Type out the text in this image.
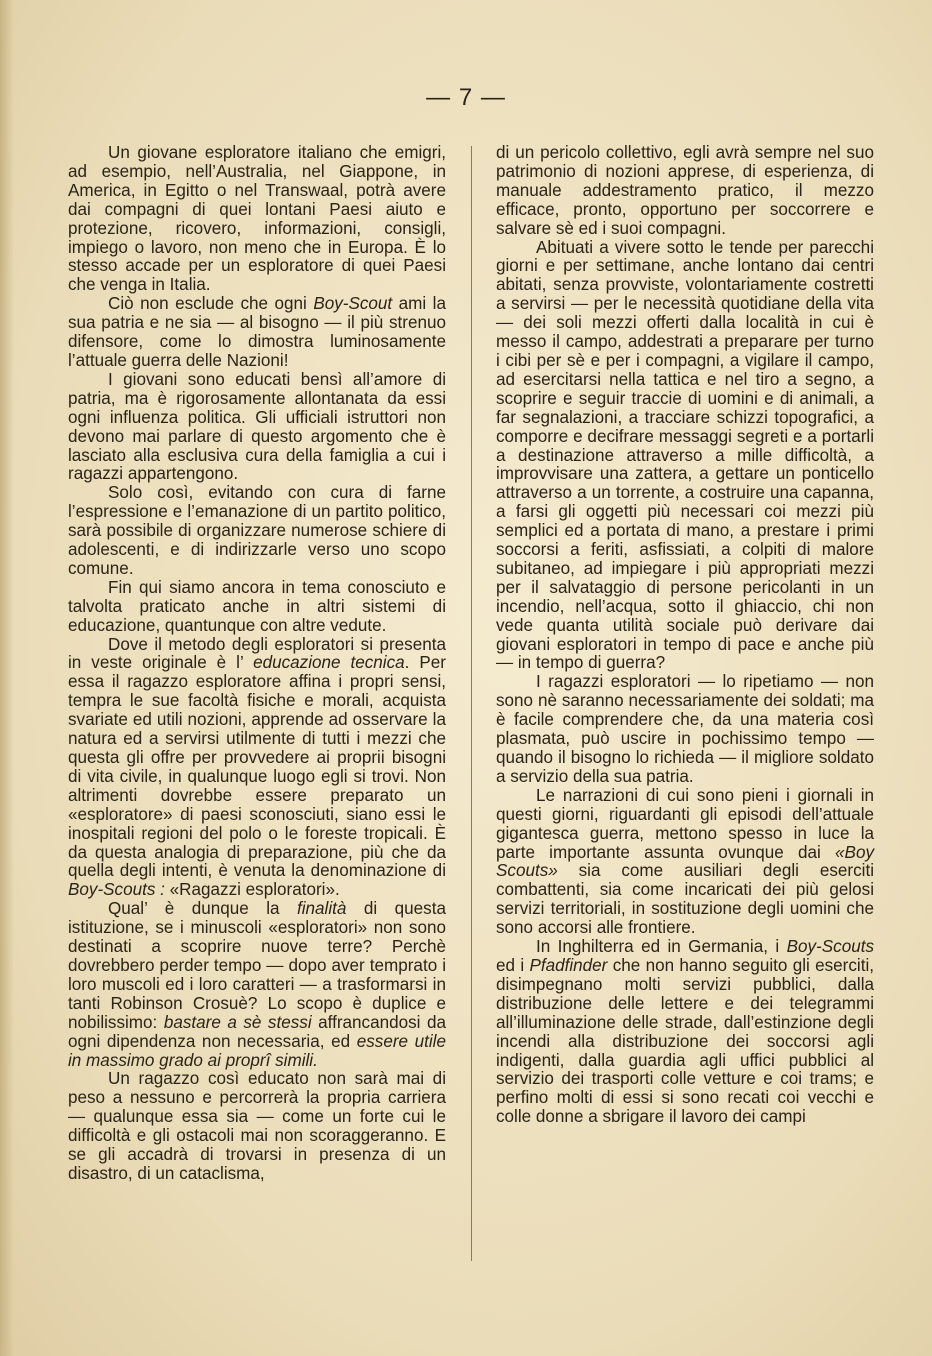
— 7 —

Un giovane esploratore italiano che emigri, ad esempio, nell’Australia, nel Giappone, in America, in Egitto o nel Transwaal, potrà avere dai compagni di quei lontani Paesi aiuto e protezione, ricovero, informazioni, consigli, impiego o lavoro, non meno che in Europa. È lo stesso accade per un esploratore di quei Paesi che venga in Italia.

Ciò non esclude che ogni Boy-Scout ami la sua patria e ne sia — al bisogno — il più strenuo difensore, come lo dimostra luminosamente l’attuale guerra delle Nazioni!

I giovani sono educati bensì all’amore di patria, ma è rigorosamente allontanata da essi ogni influenza politica. Gli ufficiali istruttori non devono mai parlare di questo argomento che è lasciato alla esclusiva cura della famiglia a cui i ragazzi appartengono.

Solo così, evitando con cura di farne l’espressione e l’emanazione di un partito politico, sarà possibile di organizzare numerose schiere di adolescenti, e di indirizzarle verso uno scopo comune.

Fin qui siamo ancora in tema conosciuto e talvolta praticato anche in altri sistemi di educazione, quantunque con altre vedute.

Dove il metodo degli esploratori si presenta in veste originale è l’ educazione tecnica. Per essa il ragazzo esploratore affina i propri sensi, tempra le sue facoltà fisiche e morali, acquista svariate ed utili nozioni, apprende ad osservare la natura ed a servirsi utilmente di tutti i mezzi che questa gli offre per provvedere ai proprii bisogni di vita civile, in qualunque luogo egli si trovi. Non altrimenti dovrebbe essere preparato un «esploratore» di paesi sconosciuti, siano essi le inospitali regioni del polo o le foreste tropicali. È da questa analogia di preparazione, più che da quella degli intenti, è venuta la denominazione di Boy-Scouts : «Ragazzi esploratori».

Qual’ è dunque la finalità di questa istituzione, se i minuscoli «esploratori» non sono destinati a scoprire nuove terre? Perchè dovrebbero perder tempo — dopo aver temprato i loro muscoli ed i loro caratteri — a trasformarsi in tanti Robinson Crosuè? Lo scopo è duplice e nobilissimo: bastare a sè stessi affrancandosi da ogni dipendenza non necessaria, ed essere utile in massimo grado ai proprî simili.

Un ragazzo così educato non sarà mai di peso a nessuno e percorrerà la propria carriera — qualunque essa sia — come un forte cui le difficoltà e gli ostacoli mai non scoraggeranno. E se gli accadrà di trovarsi in presenza di un disastro, di un cataclisma,

di un pericolo collettivo, egli avrà sempre nel suo patrimonio di nozioni apprese, di esperienza, di manuale addestramento pratico, il mezzo efficace, pronto, opportuno per soccorrere e salvare sè ed i suoi compagni.

Abituati a vivere sotto le tende per parecchi giorni e per settimane, anche lontano dai centri abitati, senza provviste, volontariamente costretti a servirsi — per le necessità quotidiane della vita — dei soli mezzi offerti dalla località in cui è messo il campo, addestrati a preparare per turno i cibi per sè e per i compagni, a vigilare il campo, ad esercitarsi nella tattica e nel tiro a segno, a scoprire e seguir traccie di uomini e di animali, a far segnalazioni, a tracciare schizzi topografici, a comporre e decifrare messaggi segreti e a portarli a destinazione attraverso a mille difficoltà, a improvvisare una zattera, a gettare un ponticello attraverso a un torrente, a costruire una capanna, a farsi gli oggetti più necessari coi mezzi più semplici ed a portata di mano, a prestare i primi soccorsi a feriti, asfissiati, a colpiti di malore subitaneo, ad impiegare i più appropriati mezzi per il salvataggio di persone pericolanti in un incendio, nell’acqua, sotto il ghiaccio, chi non vede quanta utilità sociale può derivare dai giovani esploratori in tempo di pace e anche più — in tempo di guerra?

I ragazzi esploratori — lo ripetiamo — non sono nè saranno necessariamente dei soldati; ma è facile comprendere che, da una materia così plasmata, può uscire in pochissimo tempo — quando il bisogno lo richieda — il migliore soldato a servizio della sua patria.

Le narrazioni di cui sono pieni i giornali in questi giorni, riguardanti gli episodi dell’attuale gigantesca guerra, mettono spesso in luce la parte importante assunta ovunque dai «Boy Scouts» sia come ausiliari degli eserciti combattenti, sia come incaricati dei più gelosi servizi territoriali, in sostituzione degli uomini che sono accorsi alle frontiere.

In Inghilterra ed in Germania, i Boy-Scouts ed i Pfadfinder che non hanno seguito gli eserciti, disimpegnano molti servizi pubblici, dalla distribuzione delle lettere e dei telegrammi all’illuminazione delle strade, dall’estinzione degli incendi alla distribuzione dei soccorsi agli indigenti, dalla guardia agli uffici pubblici al servizio dei trasporti colle vetture e coi trams; e perfino molti di essi si sono recati coi vecchi e colle donne a sbrigare il lavoro dei campi
